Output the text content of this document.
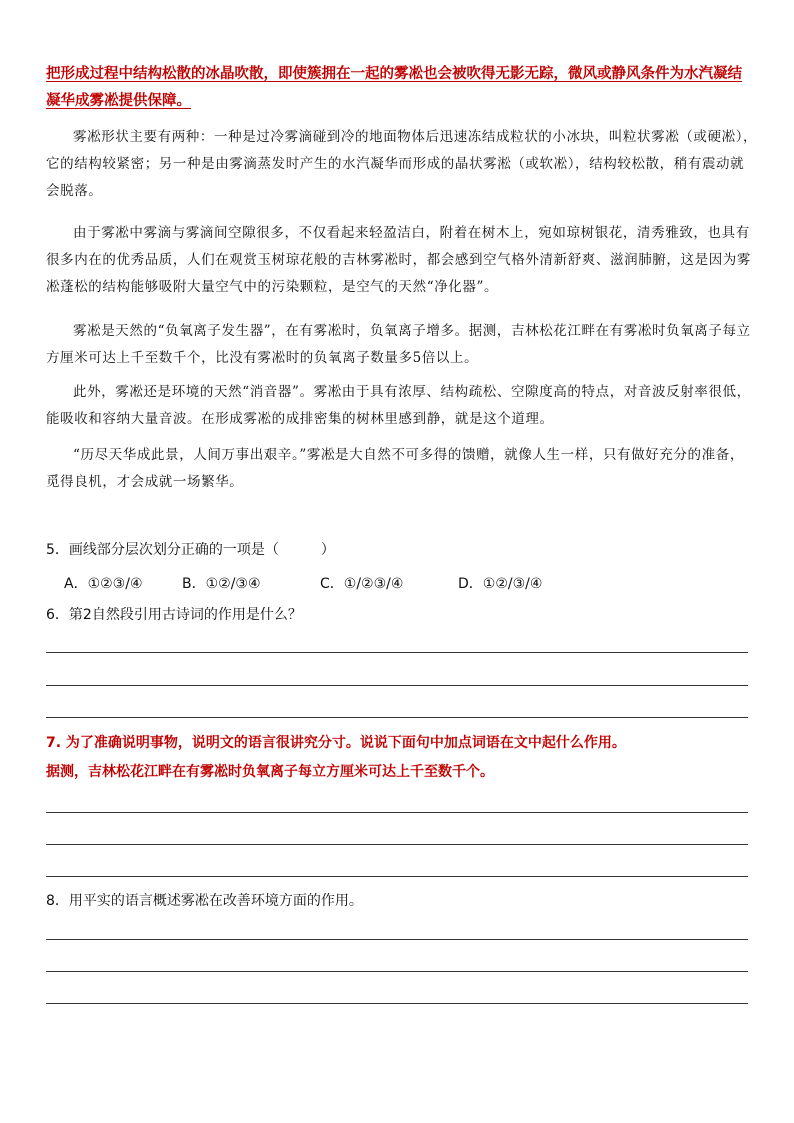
把形成过程中结构松散的冰晶吹散，即使簇拥在一起的雾凇也会被吹得无影无踪，微风或静风条件为水汽凝结
凝华成雾凇提供保障。
雾凇形状主要有两种：一种是过冷雾滴碰到冷的地面物体后迅速冻结成粒状的小冰块，叫粒状雾凇（或硬凇），它的结构较紧密；另一种是由雾滴蒸发时产生的水汽凝华而形成的晶状雾淞（或软凇），结构较松散，稍有震动就会脱落。
由于雾凇中雾滴与雾滴间空隙很多，不仅看起来轻盈洁白，附着在树木上，宛如琼树银花，清秀雅致，也具有很多内在的优秀品质，人们在观赏玉树琼花般的吉林雾凇时，都会感到空气格外清新舒爽、滋润肺腑，这是因为雾凇蓬松的结构能够吸附大量空气中的污染颗粒，是空气的天然“净化器”。
雾凇是天然的“负氧离子发生器”，在有雾凇时，负氧离子增多。据测，吉林松花江畔在有雾凇时负氧离子每立方厘米可达上千至数千个，比没有雾凇时的负氧离子数量多5倍以上。
此外，雾凇还是环境的天然“消音器”。雾凇由于具有浓厚、结构疏松、空隙度高的特点，对音波反射率很低，能吸收和容纳大量音波。在形成雾凇的成排密集的树林里感到静，就是这个道理。
“历尽天华成此景，人间万事出艰辛。”雾凇是大自然不可多得的馈赠，就像人生一样，只有做好充分的准备，觅得良机，才会成就一场繁华。
5．画线部分层次划分正确的一项是（　　　）
A．①②③/④	B．①②/③④	C．①/②③/④	D．①②/③/④
6．第2自然段引用古诗词的作用是什么？
7. 为了准确说明事物，说明文的语言很讲究分寸。说说下面句中加点词语在文中起什么作用。
据测，吉林松花江畔在有雾凇时负氧离子每立方厘米可达上千至数千个。
8．用平实的语言概述雾凇在改善环境方面的作用。
